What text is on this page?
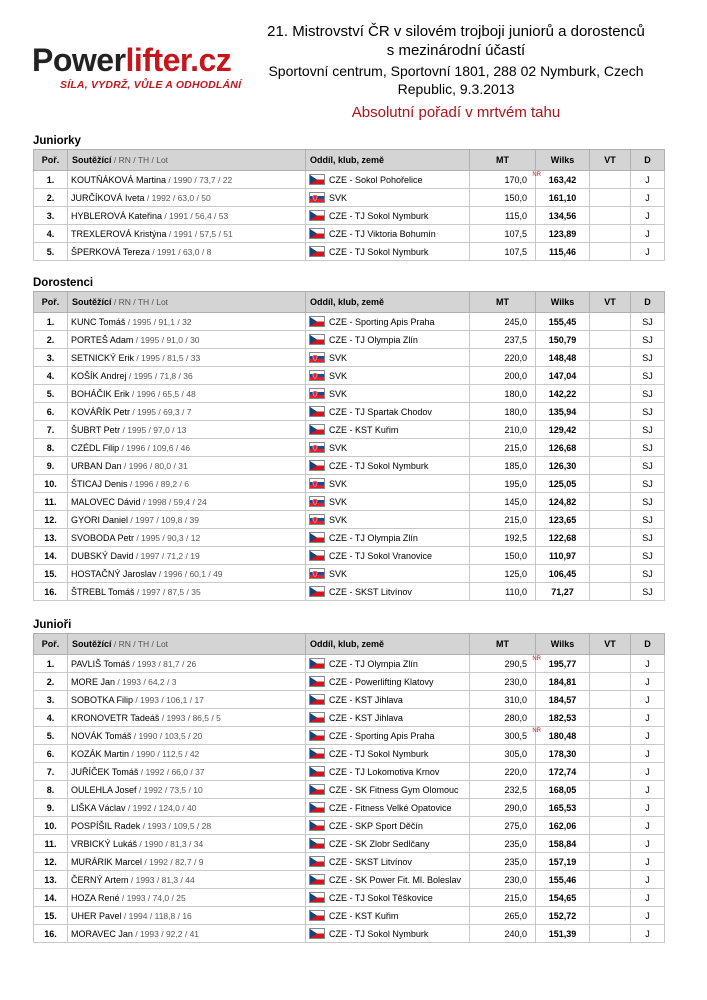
Powerlifter.cz
SÍLA, VYDRŽ, VŮLE A ODHODLÁNÍ
21. Mistrovství ČR v silovém trojboji juniorů a dorostenců
s mezinárodní účastí
Sportovní centrum, Sportovní 1801, 288 02 Nymburk, Czech
Republic, 9.3.2013
Absolutní pořadí v mrtvém tahu
Juniorky
Poř.	Soutěžící / RN / TH / Lot	Oddíl, klub, země	MT	Wilks	VT	D
1.	KOUTŇÁKOVÁ Martina / 1990 / 73,7 / 22	CZE - Sokol Pohořelice	170,0 NR	163,42		J
2.	JURČÍKOVÁ Iveta / 1992 / 63,0 / 50	SVK	150,0	161,10		J
3.	HYBLEROVÁ Kateřina / 1991 / 56,4 / 53	CZE - TJ Sokol Nymburk	115,0	134,56		J
4.	TREXLEROVÁ Kristýna / 1991 / 57,5 / 51	CZE - TJ Viktoria Bohumín	107,5	123,89		J
5.	ŠPERKOVÁ Tereza / 1991 / 63,0 / 8	CZE - TJ Sokol Nymburk	107,5	115,46		J
Dorostenci
Poř.	Soutěžící / RN / TH / Lot	Oddíl, klub, země	MT	Wilks	VT	D
1.	KUNC Tomáš / 1995 / 91,1 / 32	CZE - Sporting Apis Praha	245,0	155,45		SJ
2.	PORTEŠ Adam / 1995 / 91,0 / 30	CZE - TJ Olympia Zlín	237,5	150,79		SJ
3.	SETNICKÝ Erik / 1995 / 81,5 / 33	SVK	220,0	148,48		SJ
4.	KOŠÍK Andrej / 1995 / 71,8 / 36	SVK	200,0	147,04		SJ
5.	BOHÁČIK Erik / 1996 / 65,5 / 48	SVK	180,0	142,22		SJ
6.	KOVÁŘÍK Petr / 1995 / 69,3 / 7	CZE - TJ Spartak Chodov	180,0	135,94		SJ
7.	ŠUBRT Petr / 1995 / 97,0 / 13	CZE - KST Kuřim	210,0	129,42		SJ
8.	CZÉDL Filip / 1996 / 109,6 / 46	SVK	215,0	126,68		SJ
9.	URBAN Dan / 1996 / 80,0 / 31	CZE - TJ Sokol Nymburk	185,0	126,30		SJ
10.	ŠTICAJ Denis / 1996 / 89,2 / 6	SVK	195,0	125,05		SJ
11.	MALOVEC Dávid / 1998 / 59,4 / 24	SVK	145,0	124,82		SJ
12.	GYORI Daniel / 1997 / 109,8 / 39	SVK	215,0	123,65		SJ
13.	SVOBODA Petr / 1995 / 90,3 / 12	CZE - TJ Olympia Zlín	192,5	122,68		SJ
14.	DUBSKÝ David / 1997 / 71,2 / 19	CZE - TJ Sokol Vranovice	150,0	110,97		SJ
15.	HOSTAČNÝ Jaroslav / 1996 / 60,1 / 49	SVK	125,0	106,45		SJ
16.	ŠTREBL Tomáš / 1997 / 87,5 / 35	CZE - SKST Litvínov	110,0	71,27		SJ
Junioři
Poř.	Soutěžící / RN / TH / Lot	Oddíl, klub, země	MT	Wilks	VT	D
1.	PAVLIŠ Tomáš / 1993 / 81,7 / 26	CZE - TJ Olympia Zlín	290,5 NR	195,77		J
2.	MORE Jan / 1993 / 64,2 / 3	CZE - Powerlifting Klatovy	230,0	184,81		J
3.	SOBOTKA Filip / 1993 / 106,1 / 17	CZE - KST Jihlava	310,0	184,57		J
4.	KRONOVETR Tadeáš / 1993 / 86,5 / 5	CZE - KST Jihlava	280,0	182,53		J
5.	NOVÁK Tomáš / 1990 / 103,5 / 20	CZE - Sporting Apis Praha	300,5 NR	180,48		J
6.	KOZÁK Martin / 1990 / 112,5 / 42	CZE - TJ Sokol Nymburk	305,0	178,30		J
7.	JUŘÍČEK Tomáš / 1992 / 66,0 / 37	CZE - TJ Lokomotiva Krnov	220,0	172,74		J
8.	OULEHLA Josef / 1992 / 73,5 / 10	CZE - SK Fitness Gym Olomouc	232,5	168,05		J
9.	LIŠKA Václav / 1992 / 124,0 / 40	CZE - Fitness Velké Opatovice	290,0	165,53		J
10.	POSPÍŠIL Radek / 1993 / 109,5 / 28	CZE - SKP Sport Děčín	275,0	162,06		J
11.	VRBICKÝ Lukáš / 1990 / 81,3 / 34	CZE - SK Zlobr Sedlčany	235,0	158,84		J
12.	MURÁRIK Marcel / 1992 / 82,7 / 9	CZE - SKST Litvínov	235,0	157,19		J
13.	ČERNÝ Artem / 1993 / 81,3 / 44	CZE - SK Power Fit. Ml. Boleslav	230,0	155,46		J
14.	HOZA René / 1993 / 74,0 / 25	CZE - TJ Sokol Těškovice	215,0	154,65		J
15.	UHER Pavel / 1994 / 118,8 / 16	CZE - KST Kuřim	265,0	152,72		J
16.	MORAVEC Jan / 1993 / 92,2 / 41	CZE - TJ Sokol Nymburk	240,0	151,39		J
